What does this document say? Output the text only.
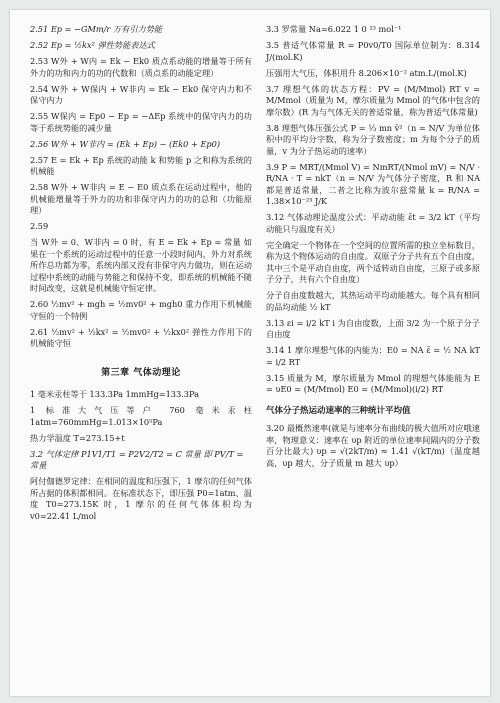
2.51 Ep = −GMm/r 万有引力势能
2.52 Ep = ½kx² 弹性势能表达式
2.53 W外 + W内 = Ek − Ek0 质点系动能的增量等于所有外力的功和内力的功的代数和（质点系的动能定理）
2.54 W外 + W保内 + W非内 = Ek − Ek0 保守内力和不保守内力
2.55 W保内 = Ep0 − Ep = −ΔEp 系统中的保守内力的功等于系统势能的减少量
2.56 W外 + W非内 = (Ek + Ep) − (Ek0 + Ep0)
2.57 E = Ek + Ep 系统的动能 k 和势能 p 之和称为系统的机械能
2.58 W外 + W非内 = E − E0 质点系在运动过程中，他的机械能增量等于外力的功和非保守内力的功的总和（功能原理）
2.59
当 W外 = 0、W非内 = 0 时，有 E = Ek + Ep = 常量 如果在一个系统的运动过程中的任意一小段时间内，外力对系统所作总功都为零，系统内部又没有非保守内力做功，则在运动过程中系统的动能与势能之和保持不变，即系统的机械能不随时间改变，这就是机械能守恒定律。
2.60 ½mv² + mgh = ½mv0² + mgh0 重力作用下机械能守恒的一个特例
2.61 ½mv² + ½kx² = ½mv0² + ½kx0² 弹性力作用下的机械能守恒
第三章 气体动理论
1 毫米汞柱等于 133.3Pa 1mmHg=133.3Pa
1 标准大气压等户 760 毫米汞柱 1atm=760mmHg=1.013×10⁵Pa
热力学温度 T=273.15+t
3.2 气体定律 P1V1/T1 = P2V2/T2 = C 常量 即 PV/T = 常量
阿付伽德罗定律：在相同的温度和压强下，1 摩尔的任何气体所占据的体积都相同。在标准状态下，即压强 P0=1atm、温度 T0=273.15K 时，1 摩尔的任何气体体积均为 v0=22.41 L/mol
3.3 罗常量 Na=6.022 1 0 ²³ mol⁻¹
3.5 普适气体常量 R = P0v0/T0 国际单位制为：8.314 J/(mol.K)
压强用大气压，体积用升 8.206×10⁻² atm.L/(mol.K)
3.7 理想气体的状态方程：PV = (M/Mmol) RT v = M/Mmol（质量为 M，摩尔质量为 Mmol 的气体中包含的摩尔数）(R 为与气体无关的普适常量，称为普适气体常量)
3.8 理想气体压强公式 P = ⅓ mn v̄²（n = N/V 为单位体积中的平均分字数，称为分子数密度；m 为每个分子的质量，v 为分子热运动的速率）
3.9 P = MRT/(Mmol V) = NmRT/(Nmol mV) = N/V · R/NA · T = nkT（n = N/V 为气体分子密度，R 和 NA 都是普适常量，二者之比称为波尔兹常量 k = R/NA = 1.38×10⁻²³ J/K
3.12 气体动理论温度公式：平动动能 ε̄t = 3/2 kT（平均动能只与温度有关）
完全确定一个物体在一个空间的位置所需的独立坐标数目，称为这个物体运动的自由度。双原子分子共有五个自由度，其中三个是平动自由度，两个适转动自由度，三原子或多原子分子，共有六个自由度）
分子自由度数越大，其热运动平均动能越大。每个具有相同的品均动能 ½ kT
3.13 εi = i/2 kT i 为自由度数，上面 3/2 为一个原子分子自由度
3.14 1 摩尔理想气体的内能为：E0 = NA ε̄ = ½ NA kT = i/2 RT
3.15 质量为 M，摩尔质量为 Mmol 的理想气体能能为 E = υE0 = (M/Mmol) E0 = (M/Mmol)(i/2) RT
气体分子热运动速率的三种统计平均值
3.20 最概然速率(就是与速率分布曲线的极大值所对应哦速率，物理意义：速率在 υp 附近的单位速率间隔内的分子数百分比最大) υp = √(2kT/m) ≈ 1.41 √(kT/m)（温度越高，υp 越大，分子质量 m 越大 υp）
